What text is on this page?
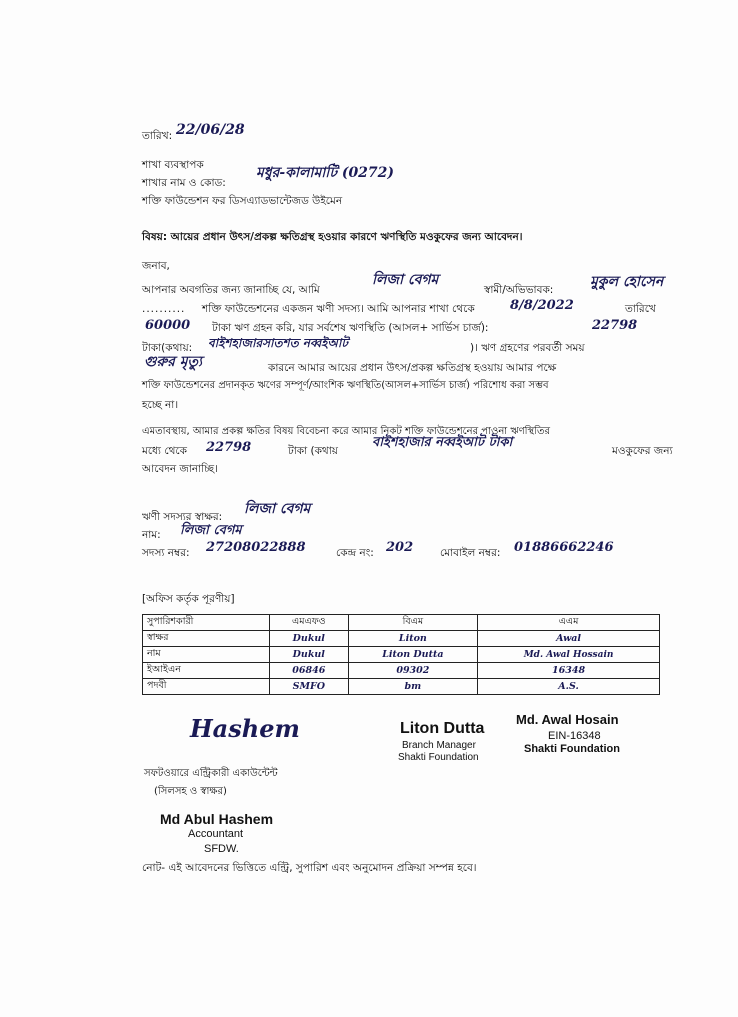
তারিখ: 22/06/28
শাখা ব্যবস্থাপক
শাখার নাম ও কোড:
মধুর-কালামাটি (0272)
শক্তি ফাউন্ডেশন ফর ডিসএ্যাডভান্টেজড উইমেন
বিষয়: আয়ের প্রধান উৎস/প্রকল্প ক্ষতিগ্রস্থ হওয়ার কারণে ঋণস্থিতি মওকুফের জন্য আবেদন।
জনাব,
আপনার অবগতির জন্য জানাচ্ছি যে, আমি
লিজা বেগম
স্বামী/অভিভাবক:	মুকুল হোসেন
.......... শক্তি ফাউন্ডেশনের একজন ঋণী সদস্য। আমি আপনার শাখা থেকে	8/8/2022	তারিখে
60000 টাকা ঋণ গ্রহন করি, যার সর্বশেষ ঋণস্থিতি (আসল+ সার্ভিস চার্জ):	22798
টাকা(কথায়: বাইশহাজারসাতশত নব্বইআট	)। ঋণ গ্রহণের পরবর্তী সময়
গুরুর মৃত্যু	কারনে আমার আয়ের প্রধান উৎস/প্রকল্প ক্ষতিগ্রস্থ হওয়ায় আমার পক্ষে
শক্তি ফাউন্ডেশনের প্রদানকৃত ঋণের সম্পূর্ণ/আংশিক ঋণস্থিতি(আসল+সার্ভিস চার্জ) পরিশোধ করা সম্ভব
হচ্ছে না।
এমতাবস্থায়, আমার প্রকল্প ক্ষতির বিষয় বিবেচনা করে আমার নিকট শক্তি ফাউন্ডেশনের পাওনা ঋণস্থিতির
মধ্যে থেকে 22798	টাকা (কথায়
বাইশহাজার নব্বইআট টাকা
মওকুফের জন্য
আবেদন জানাচ্ছি।
ঋণী সদস্যর স্বাক্ষর: লিজা বেগম
নাম: লিজা বেগম
সদস্য নম্বর: 27208022888	কেন্দ্র নং: 202	মোবাইল নম্বর: 01886662246
[অফিস কর্তৃক পূরণীয়]
সুপারিশকারী	এমএফও	বিএম	এএম
স্বাক্ষর	Dukul	Liton	Awal
নাম	Dukul	Liton Dutta	Md. Awal Hossain
ইআইএন	06846	09302	16348
পদবী	SMFO	bm	A.S.
Hashem	Liton Dutta
Branch Manager
Shakti Foundation
Md. Awal Hosain
EIN-16348
Shakti Foundation
সফটওয়ারে এন্ট্রিকারী একাউন্টেন্ট
(সিলসহ ও স্বাক্ষর)
Md Abul Hashem
Accountant
SFDW.
নোট- এই আবেদনের ভিত্তিতে এন্ট্রি, সুপারিশ এবং অনুমোদন প্রক্রিয়া সম্পন্ন হবে।
